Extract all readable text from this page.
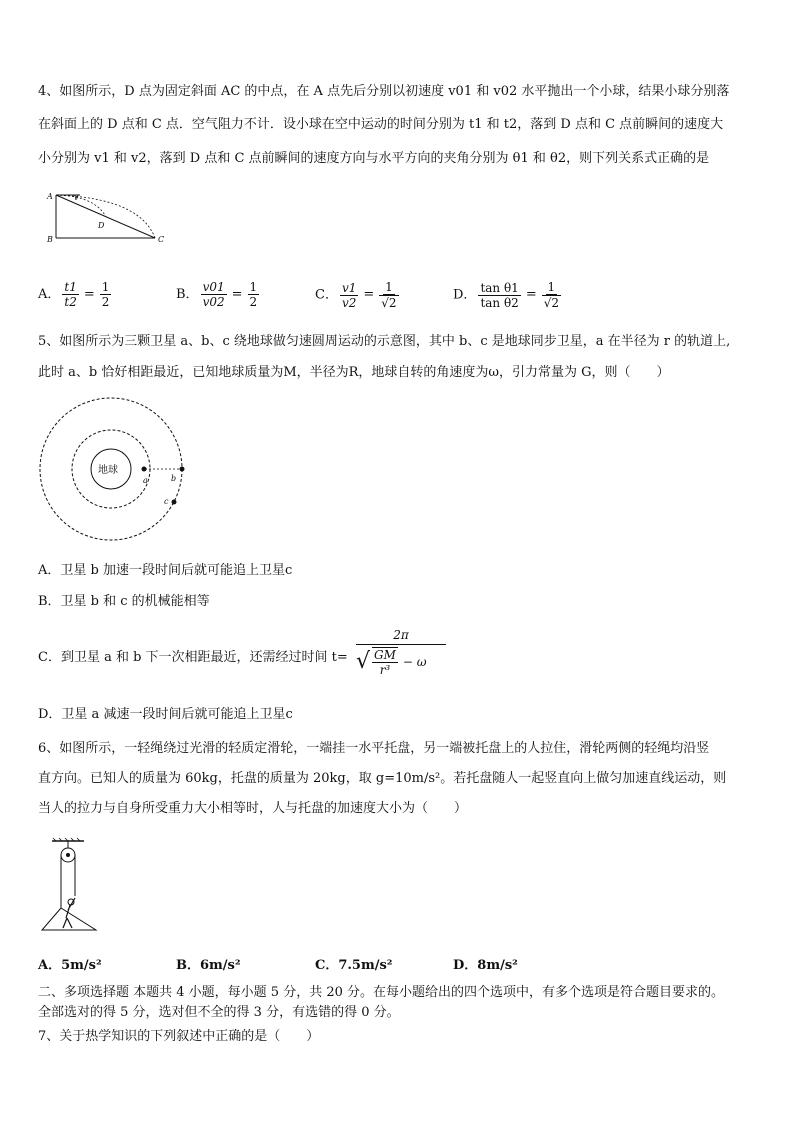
4、如图所示，D 点为固定斜面 AC 的中点，在 A 点先后分别以初速度 v01 和 v02 水平抛出一个小球，结果小球分别落
在斜面上的 D 点和 C 点．空气阻力不计．设小球在空中运动的时间分别为 t1 和 t2，落到 D 点和 C 点前瞬间的速度大
小分别为 v1 和 v2，落到 D 点和 C 点前瞬间的速度方向与水平方向的夹角分别为 θ1 和 θ2，则下列关系式正确的是
A
B	C
D
v
A． $\frac{t1}{t2} = \frac{1}{2}$	B． $\frac{v01}{v02} = \frac{1}{2}$	C． $\frac{v1}{v2} = \frac{1}{√2}$	D． $\frac{\text{tan θ1}}{\text{tan θ2}} = \frac{1}{√2}$
5、如图所示为三颗卫星 a、b、c 绕地球做匀速圆周运动的示意图，其中 b、c 是地球同步卫星，a 在半径为 r 的轨道上,
此时 a、b 恰好相距最近，已知地球质量为M，半径为R，地球自转的角速度为ω，引力常量为 G，则（　　）
地球
a	b
c
A．卫星 b 加速一段时间后就可能追上卫星c
B．卫星 b 和 c 的机械能相等
C．到卫星 a 和 b 下一次相距最近，还需经过时间 t=
2π
√ $\frac{GM}{\text{r³}} - \omega$
D．卫星 a 减速一段时间后就可能追上卫星c
6、如图所示，一轻绳绕过光滑的轻质定滑轮，一端挂一水平托盘，另一端被托盘上的人拉住，滑轮两侧的轻绳均沿竖
直方向。已知人的质量为 60kg，托盘的质量为 20kg，取 g=10m/s²。若托盘随人一起竖直向上做匀加速直线运动，则
当人的拉力与自身所受重力大小相等时，人与托盘的加速度大小为（　　）
A．5m/s²	B．6m/s²	C．7.5m/s²	D．8m/s²
二、多项选择题 本题共 4 小题，每小题 5 分，共 20 分。在每小题给出的四个选项中，有多个选项是符合题目要求的。
全部选对的得 5 分，选对但不全的得 3 分，有选错的得 0 分。
7、关于热学知识的下列叙述中正确的是（　　）
